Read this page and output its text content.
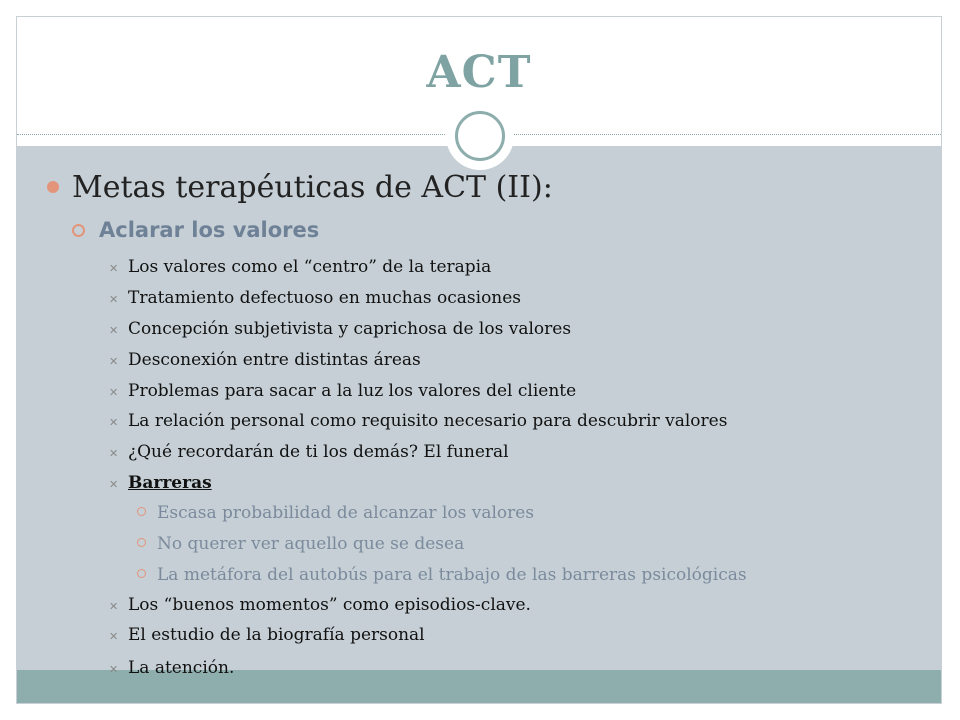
ACT
Metas terapéuticas de ACT (II):
Aclarar los valores
✕ Los valores como el “centro” de la terapia
✕ Tratamiento defectuoso en muchas ocasiones
✕ Concepción subjetivista y caprichosa de los valores
✕ Desconexión entre distintas áreas
✕ Problemas para sacar a la luz los valores del cliente
✕ La relación personal como requisito necesario para descubrir valores
✕ ¿Qué recordarán de ti los demás? El funeral
✕ Barreras
Escasa probabilidad de alcanzar los valores
No querer ver aquello que se desea
La metáfora del autobús para el trabajo de las barreras psicológicas
✕ Los “buenos momentos” como episodios-clave.
✕ El estudio de la biografía personal
✕ La atención.
